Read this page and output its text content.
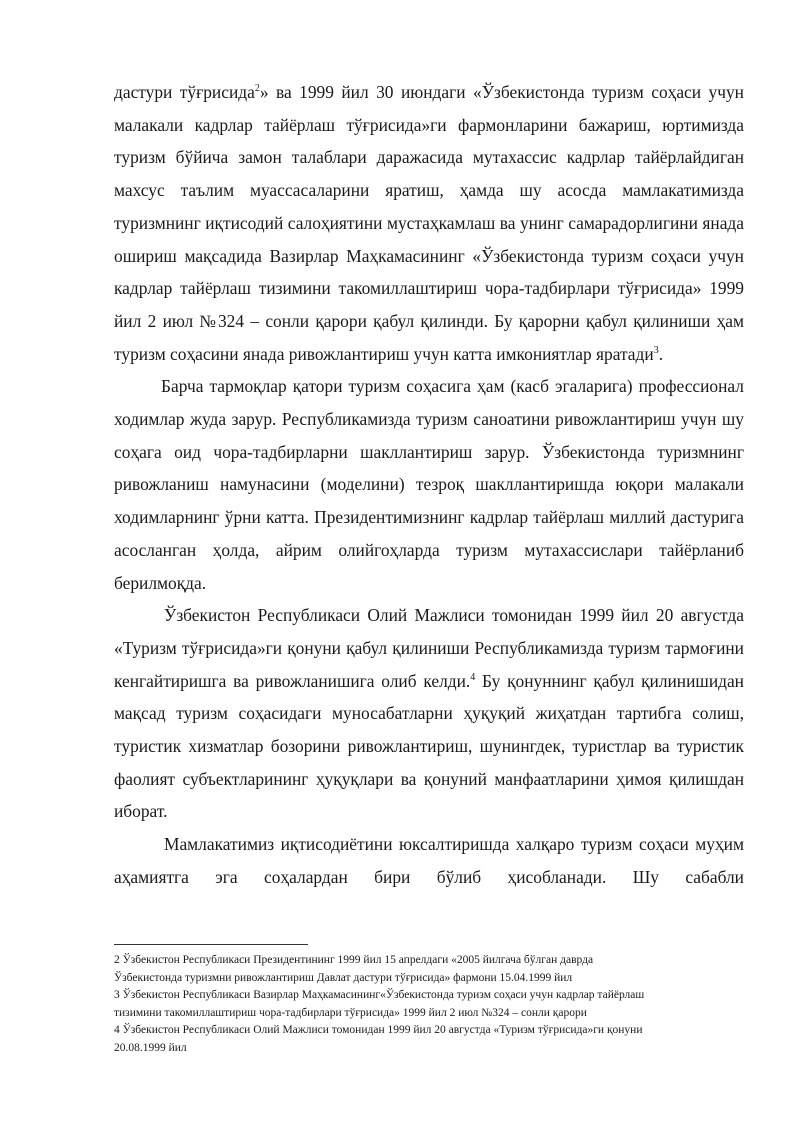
дастури тўғрисида$^2$» ва 1999 йил 30 июндаги «Ўзбекистонда туризм соҳаси учун малакали кадрлар тайёрлаш тўғрисида»ги фармонларини бажариш, юртимизда туризм бўйича замон талаблари даражасида мутахассис кадрлар тайёрлайдиган махсус таълим муассасаларини яратиш, ҳамда шу асосда мамлакатимизда туризмнинг иқтисодий салоҳиятини мустаҳкамлаш ва унинг самарадорлигини янада ошириш мақсадида Вазирлар Маҳкамасининг «Ўзбекистонда туризм соҳаси учун кадрлар тайёрлаш тизимини такомиллаштириш чора-тадбирлари тўғрисида» 1999 йил 2 июл №324 – сонли қарори қабул қилинди. Бу қарорни қабул қилиниши ҳам туризм соҳасини янада ривожлантириш учун катта имкониятлар яратади$^3$.

Барча тармоқлар қатори туризм соҳасига ҳам (касб эгаларига) профессионал ходимлар жуда зарур. Республикамизда туризм саноатини ривожлантириш учун шу соҳага оид чора-тадбирларни шакллантириш зарур. Ўзбекистонда туризмнинг ривожланиш намунасини (моделини) тезроқ шакллантиришда юқори малакали ходимларнинг ўрни катта. Президентимизнинг кадрлар тайёрлаш миллий дастурига асосланган ҳолда, айрим олийгоҳларда туризм мутахассислари тайёрланиб берилмоқда.

Ўзбекистон Республикаси Олий Мажлиси томонидан 1999 йил 20 августда «Туризм тўғрисида»ги қонуни қабул қилиниши Республикамизда туризм тармоғини кенгайтиришга ва ривожланишига олиб келди.$^4$ Бу қонуннинг қабул қилинишидан мақсад туризм соҳасидаги муносабатларни ҳуқуқий жиҳатдан тартибга солиш, туристик хизматлар бозорини ривожлантириш, шунингдек, туристлар ва туристик фаолият субъектларининг ҳуқуқлари ва қонуний манфаатларини ҳимоя қилишдан иборат.

Мамлакатимиз иқтисодиётини юксалтиришда халқаро туризм соҳаси муҳим аҳамиятга эга соҳалардан бири бўлиб ҳисобланади. Шу сабабли

2 Ўзбекистон Республикаси Президентининг 1999 йил 15 апрелдаги «2005 йилгача бўлган даврда
Ўзбекистонда туризмни ривожлантириш Давлат дастури тўғрисида» фармони 15.04.1999 йил
3 Ўзбекистон Республикаси Вазирлар Маҳкамасининг«Ўзбекистонда туризм соҳаси учун кадрлар тайёрлаш
тизимини такомиллаштириш чора-тадбирлари тўғрисида» 1999 йил 2 июл №324 – сонли қарори
4 Ўзбекистон Республикаси Олий Мажлиси томонидан 1999 йил 20 августда «Туризм тўғрисида»ги қонуни
20.08.1999 йил
